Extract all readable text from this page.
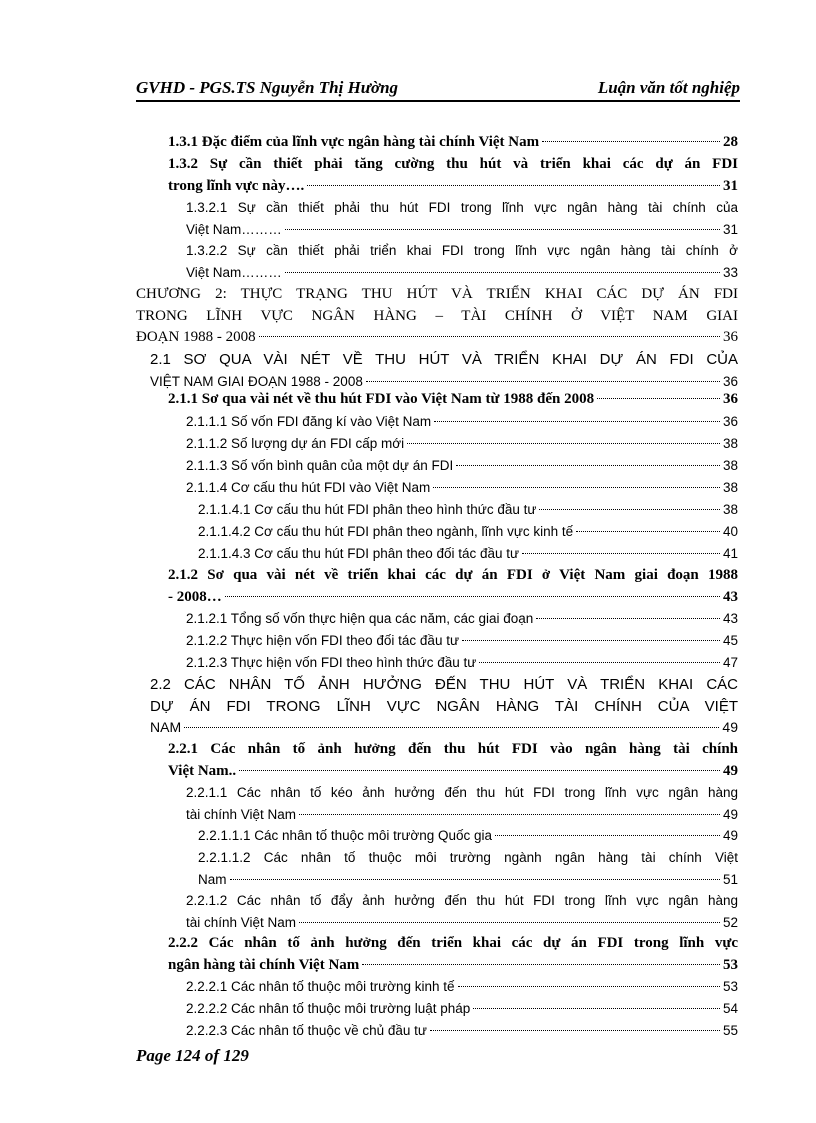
GVHD - PGS.TS Nguyễn Thị Hường	Luận văn tốt nghiệp
1.3.1 Đặc điểm của lĩnh vực ngân hàng tài chính Việt Nam	28
1.3.2 Sự cần thiết phải tăng cường thu hút và triển khai các dự án FDI
trong lĩnh vực này….	31
1.3.2.1 Sự cần thiết phải thu hút FDI trong lĩnh vực ngân hàng tài chính của
Việt Nam………	31
1.3.2.2 Sự cần thiết phải triển khai FDI trong lĩnh vực ngân hàng tài chính ở
Việt Nam………	33
CHƯƠNG 2: THỰC TRẠNG THU HÚT VÀ TRIỂN KHAI CÁC DỰ ÁN FDI
TRONG LĨNH VỰC NGÂN HÀNG – TÀI CHÍNH Ở VIỆT NAM GIAI
ĐOẠN 1988 - 2008	36
2.1 SƠ QUA VÀI NÉT VỀ THU HÚT VÀ TRIỂN KHAI DỰ ÁN FDI CỦA
VIỆT NAM GIAI ĐOẠN 1988 - 2008	36
2.1.1 Sơ qua vài nét về thu hút FDI vào Việt Nam từ 1988 đến 2008	36
2.1.1.1 Số vốn FDI đăng kí vào Việt Nam	36
2.1.1.2 Số lượng dự án FDI cấp mới	38
2.1.1.3 Số vốn bình quân của một dự án FDI	38
2.1.1.4 Cơ cấu thu hút FDI vào Việt Nam	38
2.1.1.4.1 Cơ cấu thu hút FDI phân theo hình thức đầu tư	38
2.1.1.4.2 Cơ cấu thu hút FDI phân theo ngành, lĩnh vực kinh tế	40
2.1.1.4.3 Cơ cấu thu hút FDI phân theo đối tác đầu tư	41
2.1.2 Sơ qua vài nét về triển khai các dự án FDI ở Việt Nam giai đoạn 1988
- 2008…	43
2.1.2.1 Tổng số vốn thực hiện qua các năm, các giai đoạn	43
2.1.2.2 Thực hiện vốn FDI theo đối tác đầu tư	45
2.1.2.3 Thực hiện vốn FDI theo hình thức đầu tư	47
2.2 CÁC NHÂN TỐ ẢNH HƯỞNG ĐẾN THU HÚT VÀ TRIỂN KHAI CÁC
DỰ ÁN FDI TRONG LĨNH VỰC NGÂN HÀNG TÀI CHÍNH CỦA VIỆT
NAM	49
2.2.1 Các nhân tố ảnh hưởng đến thu hút FDI vào ngân hàng tài chính
Việt Nam..	49
2.2.1.1 Các nhân tố kéo ảnh hưởng đến thu hút FDI trong lĩnh vực ngân hàng
tài chính Việt Nam	49
2.2.1.1.1 Các nhân tố thuộc môi trường Quốc gia	49
2.2.1.1.2 Các nhân tố thuộc môi trường ngành ngân hàng tài chính Việt
Nam	51
2.2.1.2 Các nhân tố đẩy ảnh hưởng đến thu hút FDI trong lĩnh vực ngân hàng
tài chính Việt Nam	52
2.2.2 Các nhân tố ảnh hưởng đến triển khai các dự án FDI trong lĩnh vực
ngân hàng tài chính Việt Nam	53
2.2.2.1 Các nhân tố thuộc môi trường kinh tế	53
2.2.2.2 Các nhân tố thuộc môi trường luật pháp	54
2.2.2.3 Các nhân tố thuộc về chủ đầu tư	55
Page 124 of 129
